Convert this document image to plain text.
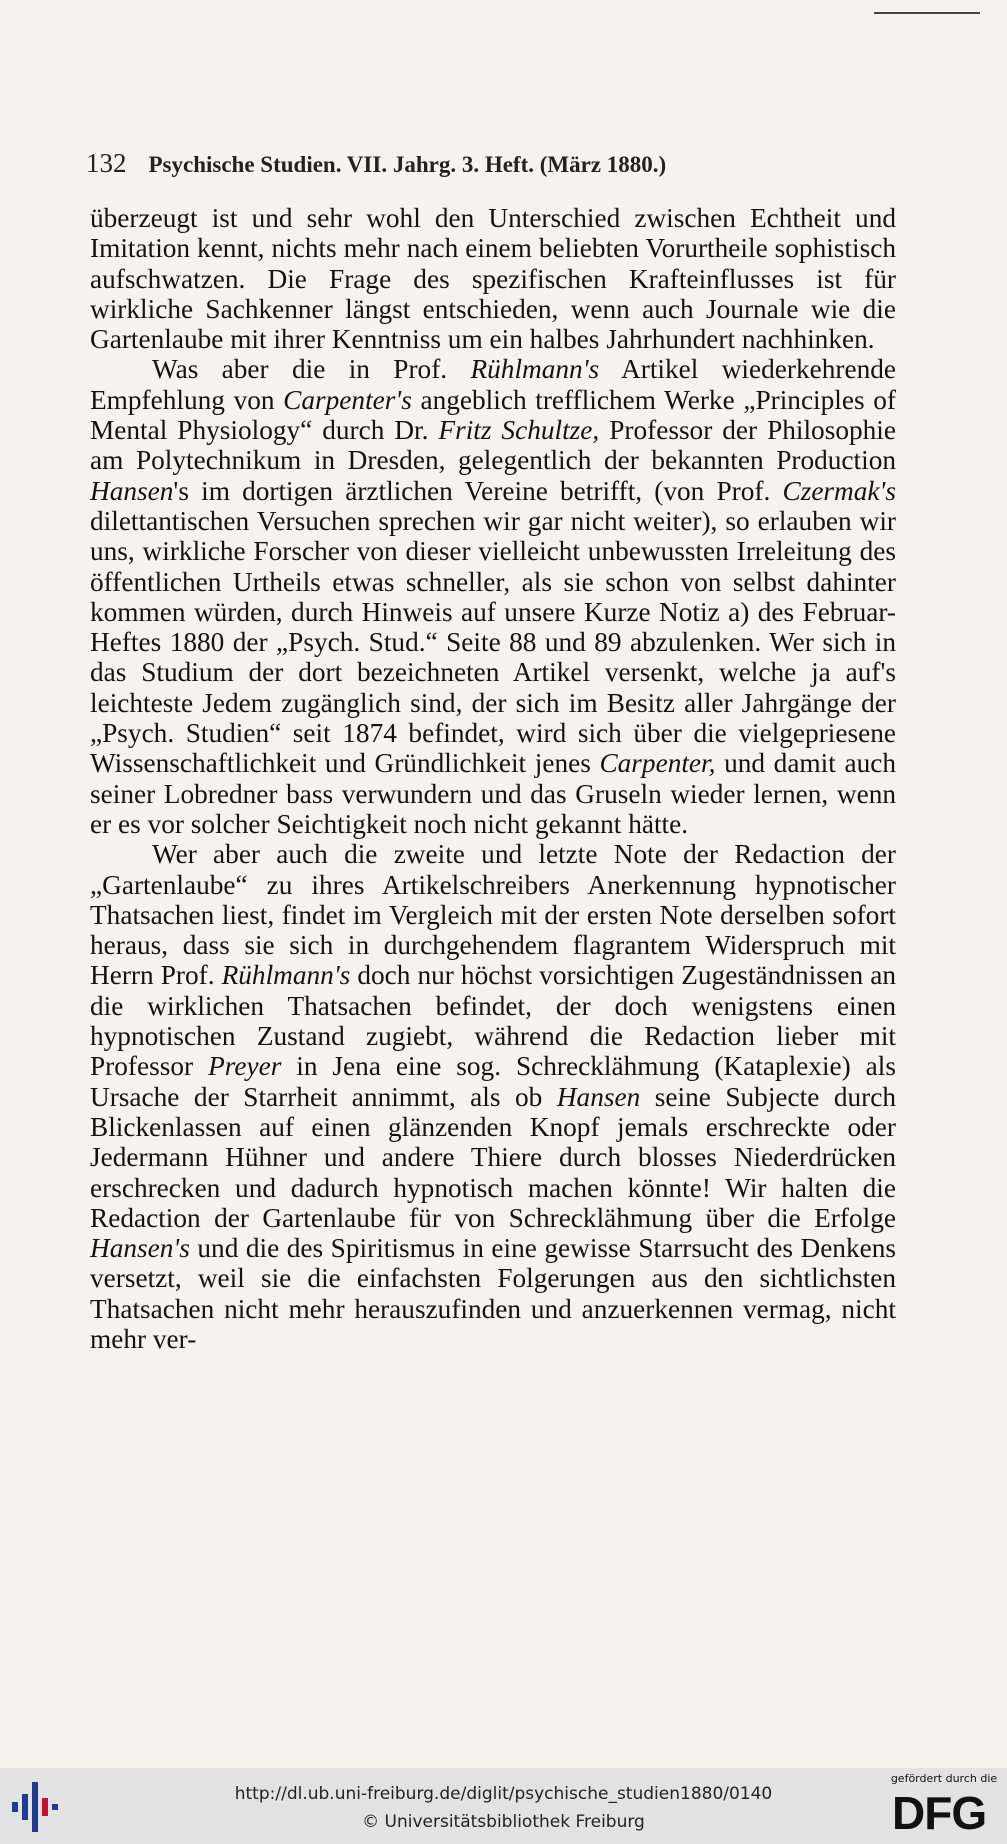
132 Psychische Studien. VII. Jahrg. 3. Heft. (März 1880.)

überzeugt ist und sehr wohl den Unterschied zwischen Echtheit und Imitation kennt, nichts mehr nach einem beliebten Vorurtheile sophistisch aufschwatzen. Die Frage des spezifischen Krafteinflusses ist für wirkliche Sachkenner längst entschieden, wenn auch Journale wie die Gartenlaube mit ihrer Kenntniss um ein halbes Jahrhundert nachhinken.

Was aber die in Prof. Rühlmann's Artikel wiederkehrende Empfehlung von Carpenter's angeblich trefflichem Werke „Principles of Mental Physiology“ durch Dr. Fritz Schultze, Professor der Philosophie am Polytechnikum in Dresden, gelegentlich der bekannten Production Hansen's im dortigen ärztlichen Vereine betrifft, (von Prof. Czermak's dilettantischen Versuchen sprechen wir gar nicht weiter), so erlauben wir uns, wirkliche Forscher von dieser vielleicht unbewussten Irreleitung des öffentlichen Urtheils etwas schneller, als sie schon von selbst dahinter kommen würden, durch Hinweis auf unsere Kurze Notiz a) des Februar-Heftes 1880 der „Psych. Stud.“ Seite 88 und 89 abzulenken. Wer sich in das Studium der dort bezeichneten Artikel versenkt, welche ja auf's leichteste Jedem zugänglich sind, der sich im Besitz aller Jahrgänge der „Psych. Studien“ seit 1874 befindet, wird sich über die vielgepriesene Wissenschaftlichkeit und Gründlichkeit jenes Carpenter, und damit auch seiner Lobredner bass verwundern und das Gruseln wieder lernen, wenn er es vor solcher Seichtigkeit noch nicht gekannt hätte.

Wer aber auch die zweite und letzte Note der Redaction der „Gartenlaube“ zu ihres Artikelschreibers Anerkennung hypnotischer Thatsachen liest, findet im Vergleich mit der ersten Note derselben sofort heraus, dass sie sich in durchgehendem flagrantem Widerspruch mit Herrn Prof. Rühlmann's doch nur höchst vorsichtigen Zugeständnissen an die wirklichen Thatsachen befindet, der doch wenigstens einen hypnotischen Zustand zugiebt, während die Redaction lieber mit Professor Preyer in Jena eine sog. Schrecklähmung (Kataplexie) als Ursache der Starrheit annimmt, als ob Hansen seine Subjecte durch Blickenlassen auf einen glänzenden Knopf jemals erschreckte oder Jedermann Hühner und andere Thiere durch blosses Niederdrücken erschrecken und dadurch hypnotisch machen könnte! Wir halten die Redaction der Gartenlaube für von Schrecklähmung über die Erfolge Hansen's und die des Spiritismus in eine gewisse Starrsucht des Denkens versetzt, weil sie die einfachsten Folgerungen aus den sichtlichsten Thatsachen nicht mehr herauszufinden und anzuerkennen vermag, nicht mehr ver-

http://dl.ub.uni-freiburg.de/diglit/psychische_studien1880/0140
© Universitätsbibliothek Freiburg
gefördert durch die
DFG
